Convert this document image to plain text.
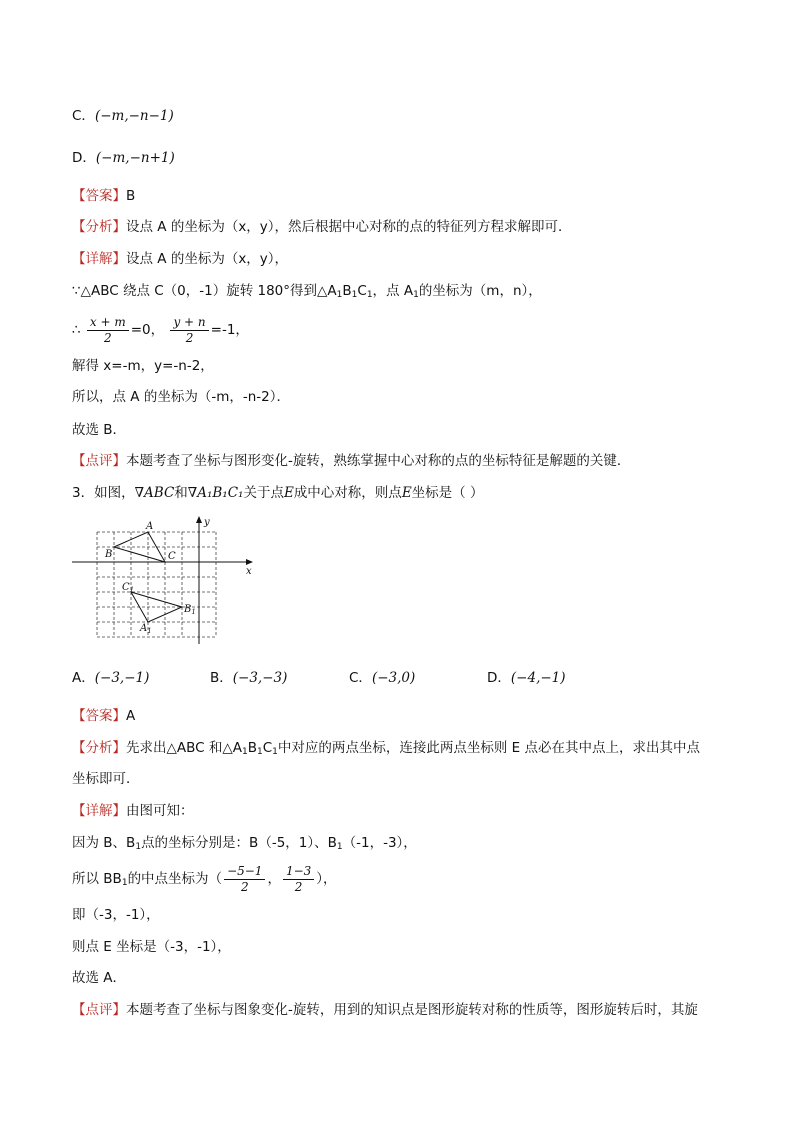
C．(−m,−n−1)
D．(−m,−n+1)
【答案】B
【分析】设点 A 的坐标为（x，y），然后根据中心对称的点的特征列方程求解即可．
【详解】设点 A 的坐标为（x，y），
∵△ABC 绕点 C（0，-1）旋转 180°得到$\triangle A_1B_1C_1$，点 $A_1$的坐标为（m，n），
∴ $\frac{x + m}{2} =0$， $\frac{y + n}{2} =-1$，
解得 x=-m，y=-n-2，
所以，点 A 的坐标为（-m，-n-2）．
故选 B．
【点评】本题考查了坐标与图形变化-旋转，熟练掌握中心对称的点的坐标特征是解题的关键．
3．如图，∇ABC和∇A₁B₁C₁关于点E成中心对称，则点E坐标是（ ）
x
y
A
B	C
$C_1$
$B_1$
$A_1$
A．(−3,−1)	B．(−3,−3)	C．(−3,0)	D．(−4,−1)
【答案】A
【分析】先求出△ABC 和$\triangle A_1B_1C_1$中对应的两点坐标，连接此两点坐标则 E 点必在其中点上，求出其中点
坐标即可．
【详解】由图可知：
因为 B、$B_1$点的坐标分别是：B（-5，1）、$B_1(-1$，-3），
所以 $BB_1$的中点坐标为（ $\frac{-5-1}{2}$ ， $\frac{1-3}{2}$ ），
即（-3，-1），
则点 E 坐标是（-3，-1），
故选 A．
【点评】本题考查了坐标与图象变化-旋转，用到的知识点是图形旋转对称的性质等，图形旋转后时，其旋
